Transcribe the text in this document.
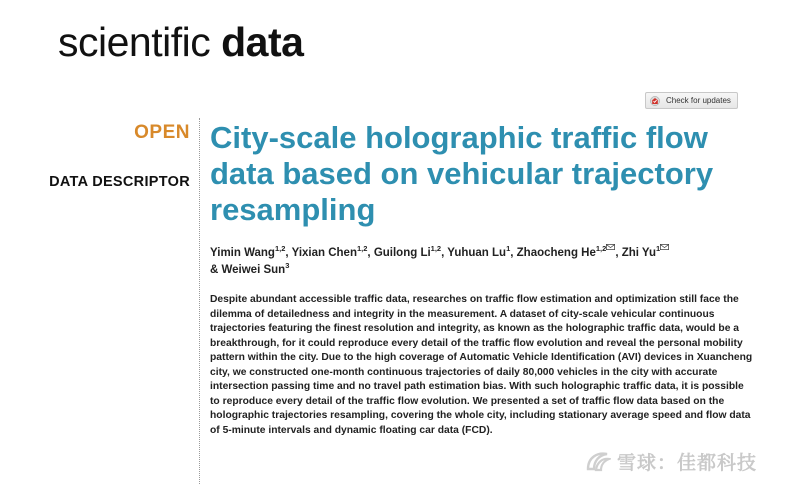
scientific data
Check for updates
OPEN
DATA DESCRIPTOR
City-scale holographic traffic flow data based on vehicular trajectory resampling
Yimin Wang$^{1,2}$, Yixian Chen$^{1,2}$, Guilong Li$^{1,2}$, Yuhuan Lu$^1$, Zhaocheng He$^{1,2}$ , Zhi Yu$^1$
& Weiwei Sun$^3$

Despite abundant accessible traffic data, researches on traffic flow estimation and optimization still face the dilemma of detailedness and integrity in the measurement. A dataset of city-scale vehicular continuous trajectories featuring the finest resolution and integrity, as known as the holographic traffic data, would be a breakthrough, for it could reproduce every detail of the traffic flow evolution and reveal the personal mobility pattern within the city. Due to the high coverage of Automatic Vehicle Identification (AVI) devices in Xuancheng city, we constructed one-month continuous trajectories of daily 80,000 vehicles in the city with accurate intersection passing time and no travel path estimation bias. With such holographic traffic data, it is possible to reproduce every detail of the traffic flow evolution. We presented a set of traffic flow data based on the holographic trajectories resampling, covering the whole city, including stationary average speed and flow data of 5-minute intervals and dynamic floating car data (FCD).

雪球：佳都科技
